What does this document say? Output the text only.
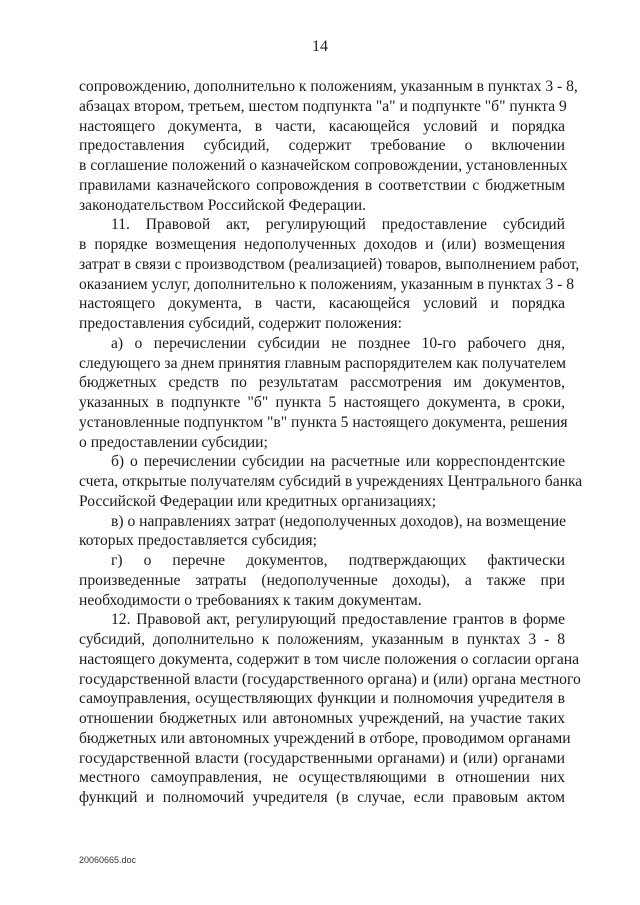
14
сопровождению, дополнительно к положениям, указанным в пунктах 3 - 8,
абзацах втором, третьем, шестом подпункта "а" и подпункте "б" пункта 9
настоящего документа, в части, касающейся условий и порядка
предоставления субсидий, содержит требование о включении
в соглашение положений о казначейском сопровождении, установленных
правилами казначейского сопровождения в соответствии с бюджетным
законодательством Российской Федерации.
11. Правовой акт, регулирующий предоставление субсидий
в порядке возмещения недополученных доходов и (или) возмещения
затрат в связи с производством (реализацией) товаров, выполнением работ,
оказанием услуг, дополнительно к положениям, указанным в пунктах 3 - 8
настоящего документа, в части, касающейся условий и порядка
предоставления субсидий, содержит положения:
а) о перечислении субсидии не позднее 10-го рабочего дня,
следующего за днем принятия главным распорядителем как получателем
бюджетных средств по результатам рассмотрения им документов,
указанных в подпункте "б" пункта 5 настоящего документа, в сроки,
установленные подпунктом "в" пункта 5 настоящего документа, решения
о предоставлении субсидии;
б) о перечислении субсидии на расчетные или корреспондентские
счета, открытые получателям субсидий в учреждениях Центрального банка
Российской Федерации или кредитных организациях;
в) о направлениях затрат (недополученных доходов), на возмещение
которых предоставляется субсидия;
г) о перечне документов, подтверждающих фактически
произведенные затраты (недополученные доходы), а также при
необходимости о требованиях к таким документам.
12. Правовой акт, регулирующий предоставление грантов в форме
субсидий, дополнительно к положениям, указанным в пунктах 3 - 8
настоящего документа, содержит в том числе положения о согласии органа
государственной власти (государственного органа) и (или) органа местного
самоуправления, осуществляющих функции и полномочия учредителя в
отношении бюджетных или автономных учреждений, на участие таких
бюджетных или автономных учреждений в отборе, проводимом органами
государственной власти (государственными органами) и (или) органами
местного самоуправления, не осуществляющими в отношении них
функций и полномочий учредителя (в случае, если правовым актом
20060665.doc
